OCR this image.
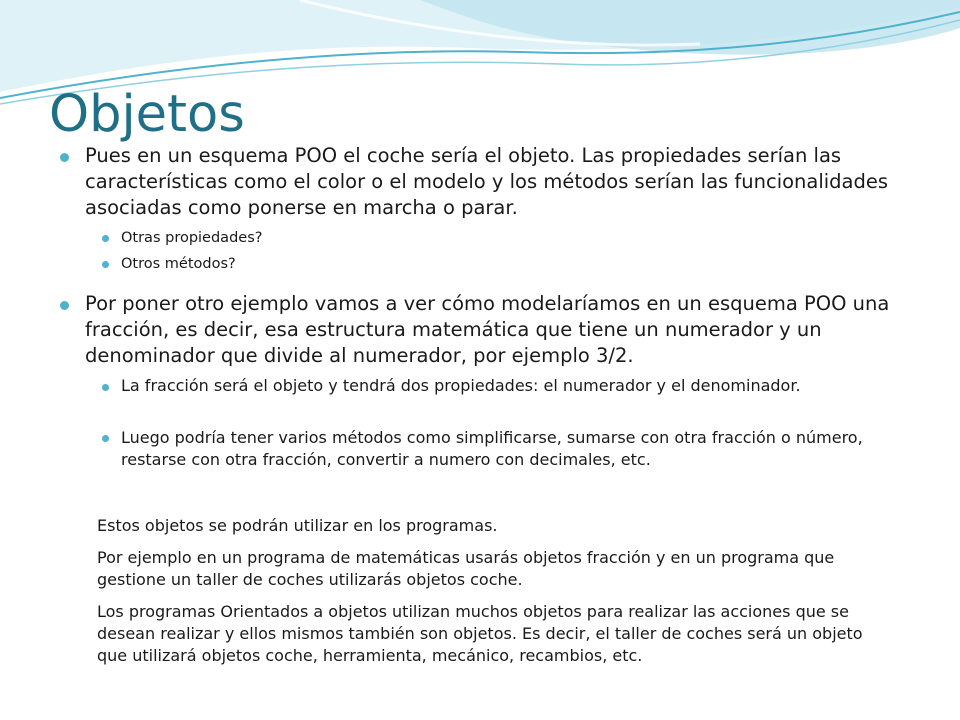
Objetos

Pues en un esquema POO el coche sería el objeto. Las propiedades serían las características como el color o el modelo y los métodos serían las funcionalidades asociadas como ponerse en marcha o parar.

Otras propiedades?

Otros métodos?

Por poner otro ejemplo vamos a ver cómo modelaríamos en un esquema POO una fracción, es decir, esa estructura matemática que tiene un numerador y un denominador que divide al numerador, por ejemplo 3/2.

La fracción será el objeto y tendrá dos propiedades: el numerador y el denominador.

Luego podría tener varios métodos como simplificarse, sumarse con otra fracción o número, restarse con otra fracción, convertir a numero con decimales, etc.

Estos objetos se podrán utilizar en los programas.

Por ejemplo en un programa de matemáticas usarás objetos fracción y en un programa que gestione un taller de coches utilizarás objetos coche.

Los programas Orientados a objetos utilizan muchos objetos para realizar las acciones que se desean realizar y ellos mismos también son objetos. Es decir, el taller de coches será un objeto que utilizará objetos coche, herramienta, mecánico, recambios, etc.
